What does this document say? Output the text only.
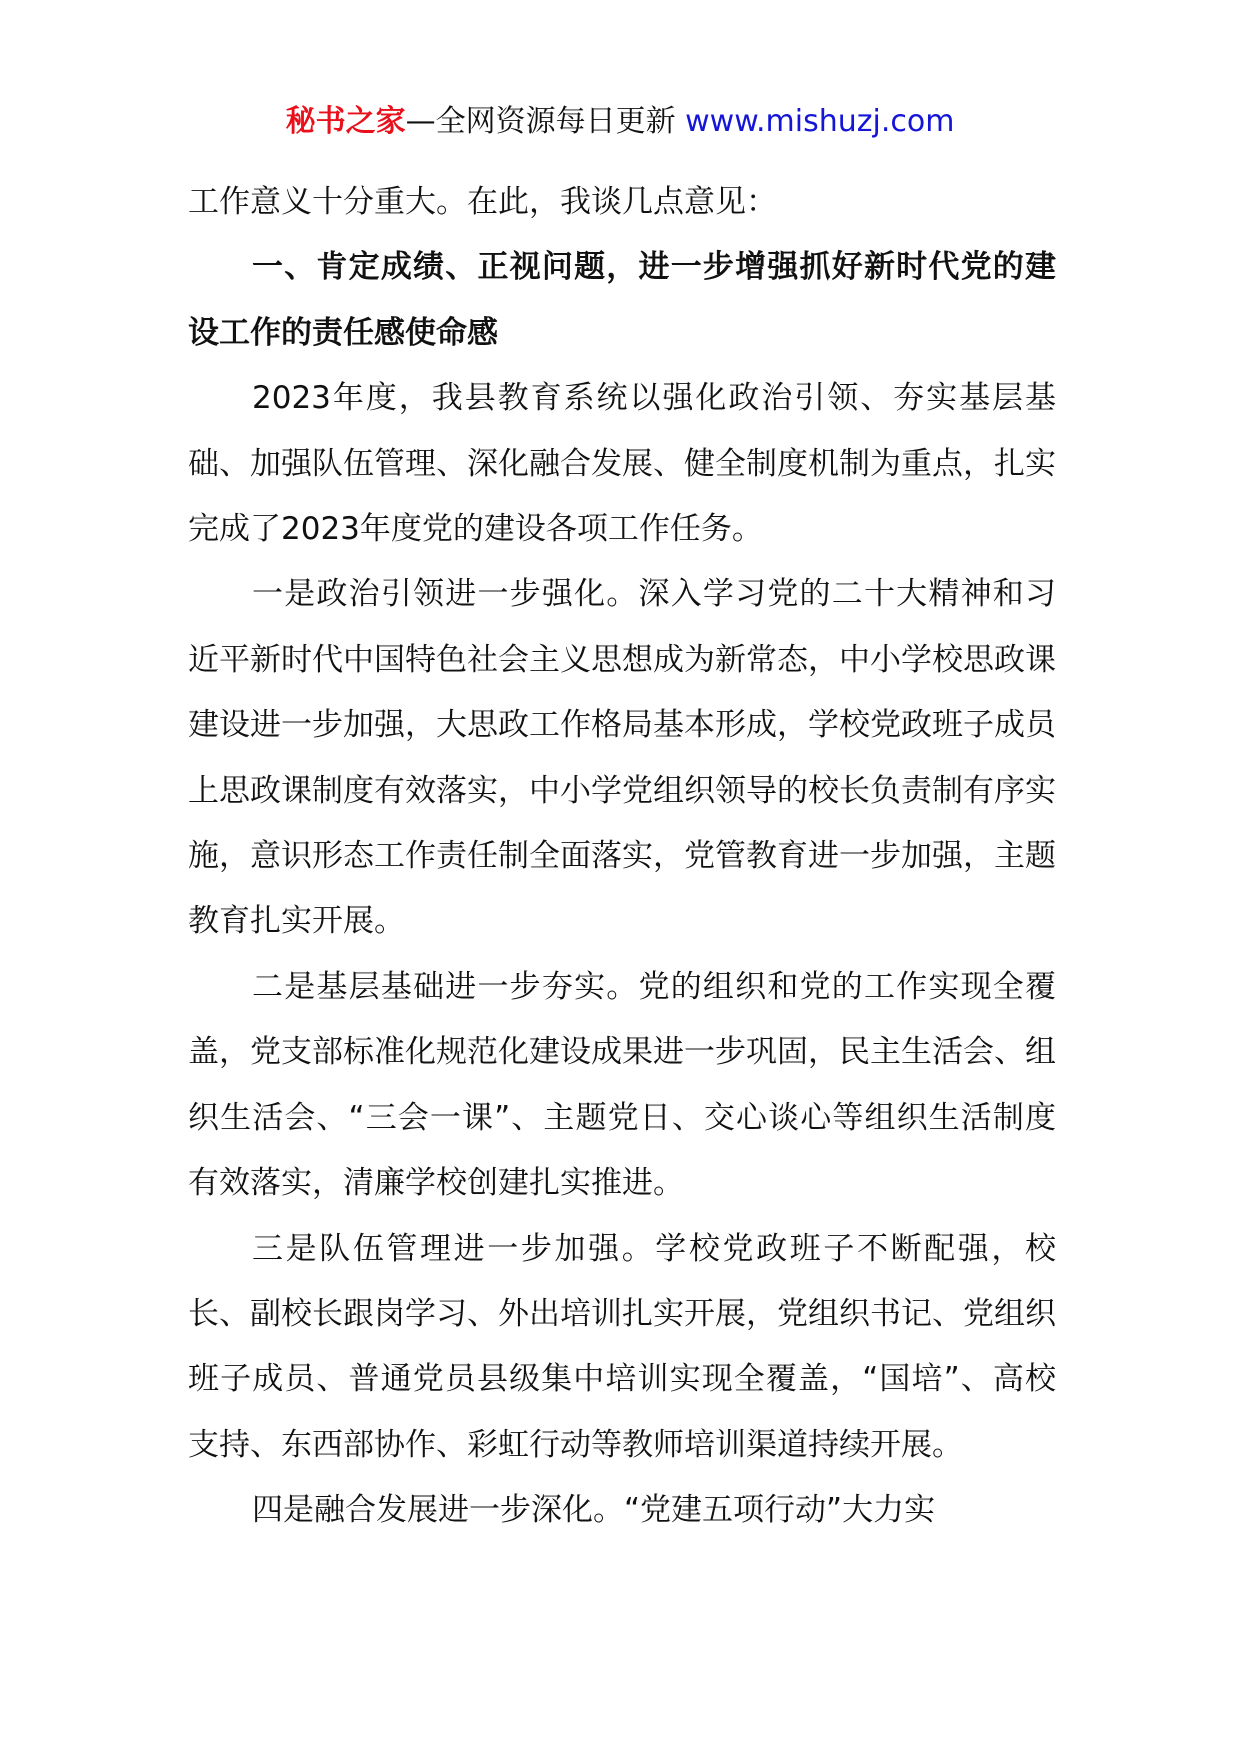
秘书之家—全网资源每日更新 www.mishuzj.com

工作意义十分重大。在此，我谈几点意见：

一、肯定成绩、正视问题，进一步增强抓好新时代党的建设工作的责任感使命感

2023年度，我县教育系统以强化政治引领、夯实基层基础、加强队伍管理、深化融合发展、健全制度机制为重点，扎实完成了2023年度党的建设各项工作任务。

一是政治引领进一步强化。深入学习党的二十大精神和习近平新时代中国特色社会主义思想成为新常态，中小学校思政课建设进一步加强，大思政工作格局基本形成，学校党政班子成员上思政课制度有效落实，中小学党组织领导的校长负责制有序实施，意识形态工作责任制全面落实，党管教育进一步加强，主题教育扎实开展。

二是基层基础进一步夯实。党的组织和党的工作实现全覆盖，党支部标准化规范化建设成果进一步巩固，民主生活会、组织生活会、“三会一课”、主题党日、交心谈心等组织生活制度有效落实，清廉学校创建扎实推进。

三是队伍管理进一步加强。学校党政班子不断配强，校长、副校长跟岗学习、外出培训扎实开展，党组织书记、党组织班子成员、普通党员县级集中培训实现全覆盖，“国培”、高校支持、东西部协作、彩虹行动等教师培训渠道持续开展。

四是融合发展进一步深化。“党建五项行动”大力实
